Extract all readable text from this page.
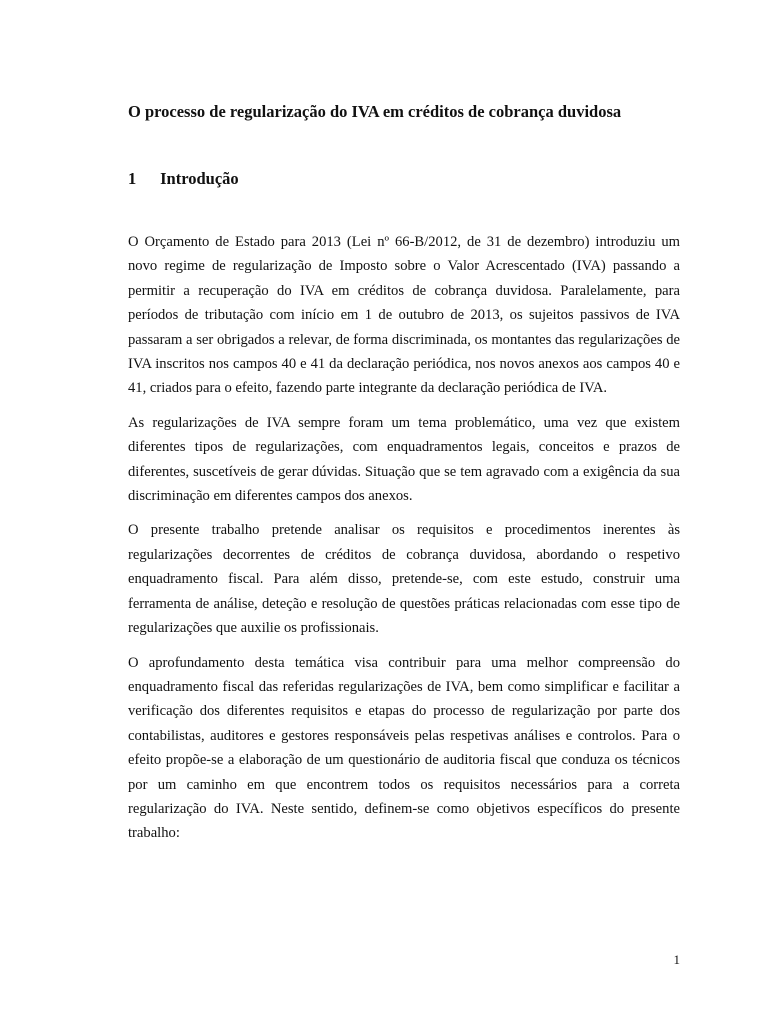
O processo de regularização do IVA em créditos de cobrança duvidosa
1 Introdução

O Orçamento de Estado para 2013 (Lei nº 66-B/2012, de 31 de dezembro) introduziu um novo regime de regularização de Imposto sobre o Valor Acrescentado (IVA) passando a permitir a recuperação do IVA em créditos de cobrança duvidosa. Paralelamente, para períodos de tributação com início em 1 de outubro de 2013, os sujeitos passivos de IVA passaram a ser obrigados a relevar, de forma discriminada, os montantes das regularizações de IVA inscritos nos campos 40 e 41 da declaração periódica, nos novos anexos aos campos 40 e 41, criados para o efeito, fazendo parte integrante da declaração periódica de IVA.

As regularizações de IVA sempre foram um tema problemático, uma vez que existem diferentes tipos de regularizações, com enquadramentos legais, conceitos e prazos de diferentes, suscetíveis de gerar dúvidas. Situação que se tem agravado com a exigência da sua discriminação em diferentes campos dos anexos.

O presente trabalho pretende analisar os requisitos e procedimentos inerentes às regularizações decorrentes de créditos de cobrança duvidosa, abordando o respetivo enquadramento fiscal. Para além disso, pretende-se, com este estudo, construir uma ferramenta de análise, deteção e resolução de questões práticas relacionadas com esse tipo de regularizações que auxilie os profissionais.

O aprofundamento desta temática visa contribuir para uma melhor compreensão do enquadramento fiscal das referidas regularizações de IVA, bem como simplificar e facilitar a verificação dos diferentes requisitos e etapas do processo de regularização por parte dos contabilistas, auditores e gestores responsáveis pelas respetivas análises e controlos. Para o efeito propõe-se a elaboração de um questionário de auditoria fiscal que conduza os técnicos por um caminho em que encontrem todos os requisitos necessários para a correta regularização do IVA. Neste sentido, definem-se como objetivos específicos do presente trabalho:

1
